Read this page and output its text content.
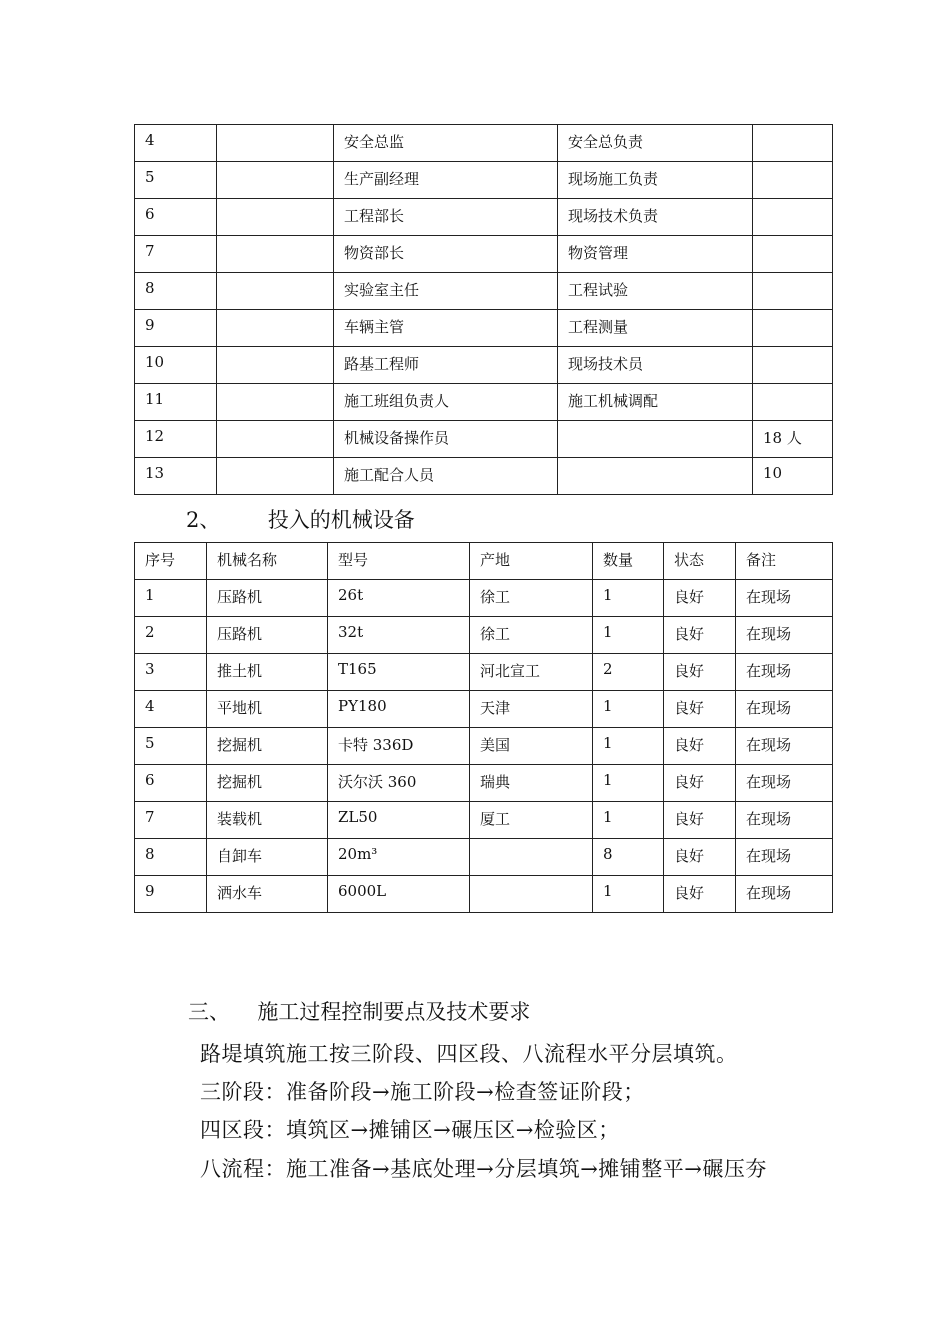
4		安全总监	安全总负责	
5		生产副经理	现场施工负责	
6		工程部长	现场技术负责	
7		物资部长	物资管理	
8		实验室主任	工程试验	
9		车辆主管	工程测量	
10		路基工程师	现场技术员	
11		施工班组负责人	施工机械调配	
12		机械设备操作员		18 人
13		施工配合人员		10
2、 投入的机械设备
序号	机械名称	型号	产地	数量	状态	备注
1	压路机	26t	徐工	1	良好	在现场
2	压路机	32t	徐工	1	良好	在现场
3	推土机	T165	河北宣工	2	良好	在现场
4	平地机	PY180	天津	1	良好	在现场
5	挖掘机	卡特 336D	美国	1	良好	在现场
6	挖掘机	沃尔沃 360	瑞典	1	良好	在现场
7	装载机	ZL50	厦工	1	良好	在现场
8	自卸车	20m³		8	良好	在现场
9	洒水车	6000L		1	良好	在现场
三、 施工过程控制要点及技术要求
路堤填筑施工按三阶段、四区段、八流程水平分层填筑。
三阶段：准备阶段→施工阶段→检查签证阶段；
四区段：填筑区→摊铺区→碾压区→检验区；
八流程：施工准备→基底处理→分层填筑→摊铺整平→碾压夯
